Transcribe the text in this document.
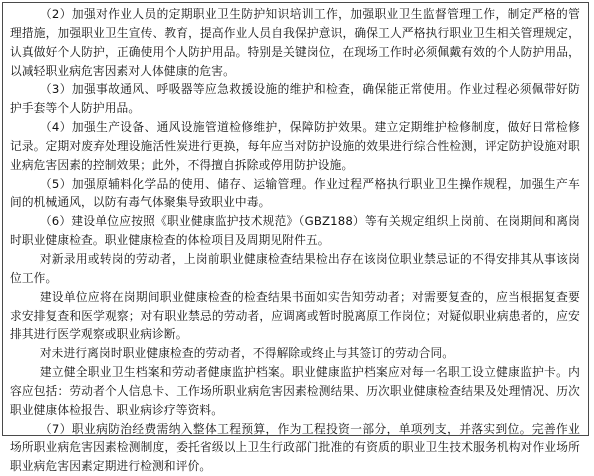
（2）加强对作业人员的定期职业卫生防护知识培训工作，加强职业卫生监督管理工作，制定严格的管理措施，加强职业卫生宣传、教育，提高作业人员自我保护意识，确保工人严格执行职业卫生相关管理规定，认真做好个人防护，正确使用个人防护用品。特别是关键岗位，在现场工作时必须佩戴有效的个人防护用品，以减轻职业病危害因素对人体健康的危害。

（3）加强事故通风、呼吸器等应急救援设施的维护和检查，确保能正常使用。作业过程必须佩带好防护手套等个人防护用品。

（4）加强生产设备、通风设施管道检修维护，保障防护效果。建立定期维护检修制度，做好日常检修记录。定期对废弃处理设施活性炭进行更换，每年应当对防护设施的效果进行综合性检测，评定防护设施对职业病危害因素的控制效果；此外，不得擅自拆除或停用防护设施。

（5）加强原辅料化学品的使用、储存、运输管理。作业过程严格执行职业卫生操作规程，加强生产车间的机械通风，以防有毒气体聚集导致职业中毒。

（6）建设单位应按照《职业健康监护技术规范》（GBZ188）等有关规定组织上岗前、在岗期间和离岗时职业健康检查。职业健康检查的体检项目及周期见附件五。

对新录用或转岗的劳动者，上岗前职业健康检查结果检出存在该岗位职业禁忌证的不得安排其从事该岗位工作。

建设单位应将在岗期间职业健康检查的检查结果书面如实告知劳动者；对需要复查的，应当根据复查要求安排复查和医学观察；对有职业禁忌的劳动者，应调离或暂时脱离原工作岗位；对疑似职业病患者的，应安排其进行医学观察或职业病诊断。

对未进行离岗时职业健康检查的劳动者，不得解除或终止与其签订的劳动合同。

建立健全职业卫生档案和劳动者健康监护档案。职业健康监护档案应对每一名职工设立健康监护卡。内容应包括：劳动者个人信息卡、工作场所职业病危害因素检测结果、历次职业健康检查结果及处理情况、历次职业健康体检报告、职业病诊疗等资料。

（7）职业病防治经费需纳入整体工程预算，作为工程投资一部分，单项列支，并落实到位。完善作业场所职业病危害因素检测制度，委托省级以上卫生行政部门批准的有资质的职业卫生技术服务机构对作业场所职业病危害因素定期进行检测和评价。
